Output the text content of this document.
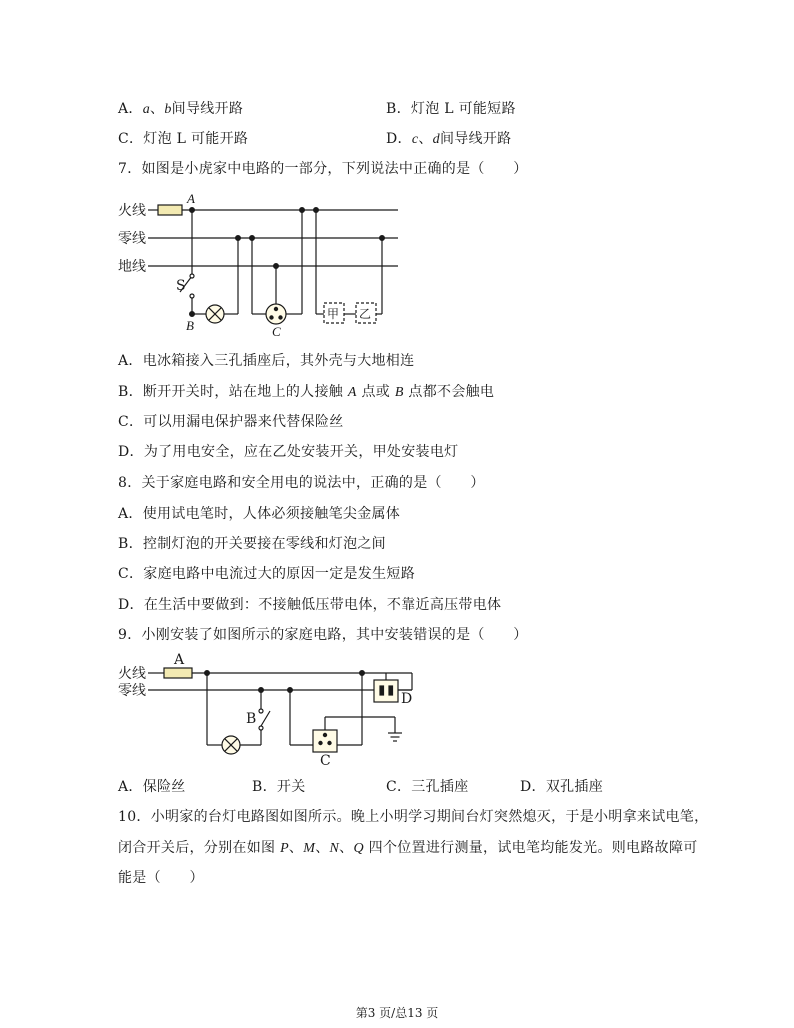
A．a、b间导线开路	B．灯泡 L 可能短路
C．灯泡 L 可能开路	D．c、d间导线开路
7．如图是小虎家中电路的一部分，下列说法中正确的是（　　）
火线
零线
地线
A
S
B	C
甲 乙
A．电冰箱接入三孔插座后，其外壳与大地相连
B．断开开关时，站在地上的人接触 A 点或 B 点都不会触电
C．可以用漏电保护器来代替保险丝
D．为了用电安全，应在乙处安装开关，甲处安装电灯
8．关于家庭电路和安全用电的说法中，正确的是（　　）
A．使用试电笔时，人体必须接触笔尖金属体
B．控制灯泡的开关要接在零线和灯泡之间
C．家庭电路中电流过大的原因一定是发生短路
D．在生活中要做到：不接触低压带电体，不靠近高压带电体
9．小刚安装了如图所示的家庭电路，其中安装错误的是（　　）
火线
零线
A
B
C
D
A．保险丝	B．开关	C．三孔插座	D．双孔插座
10．小明家的台灯电路图如图所示。晚上小明学习期间台灯突然熄灭，于是小明拿来试电笔，
闭合开关后，分别在如图 P、M、N、Q 四个位置进行测量，试电笔均能发光。则电路故障可
能是（　　）
第3 页/总13 页
